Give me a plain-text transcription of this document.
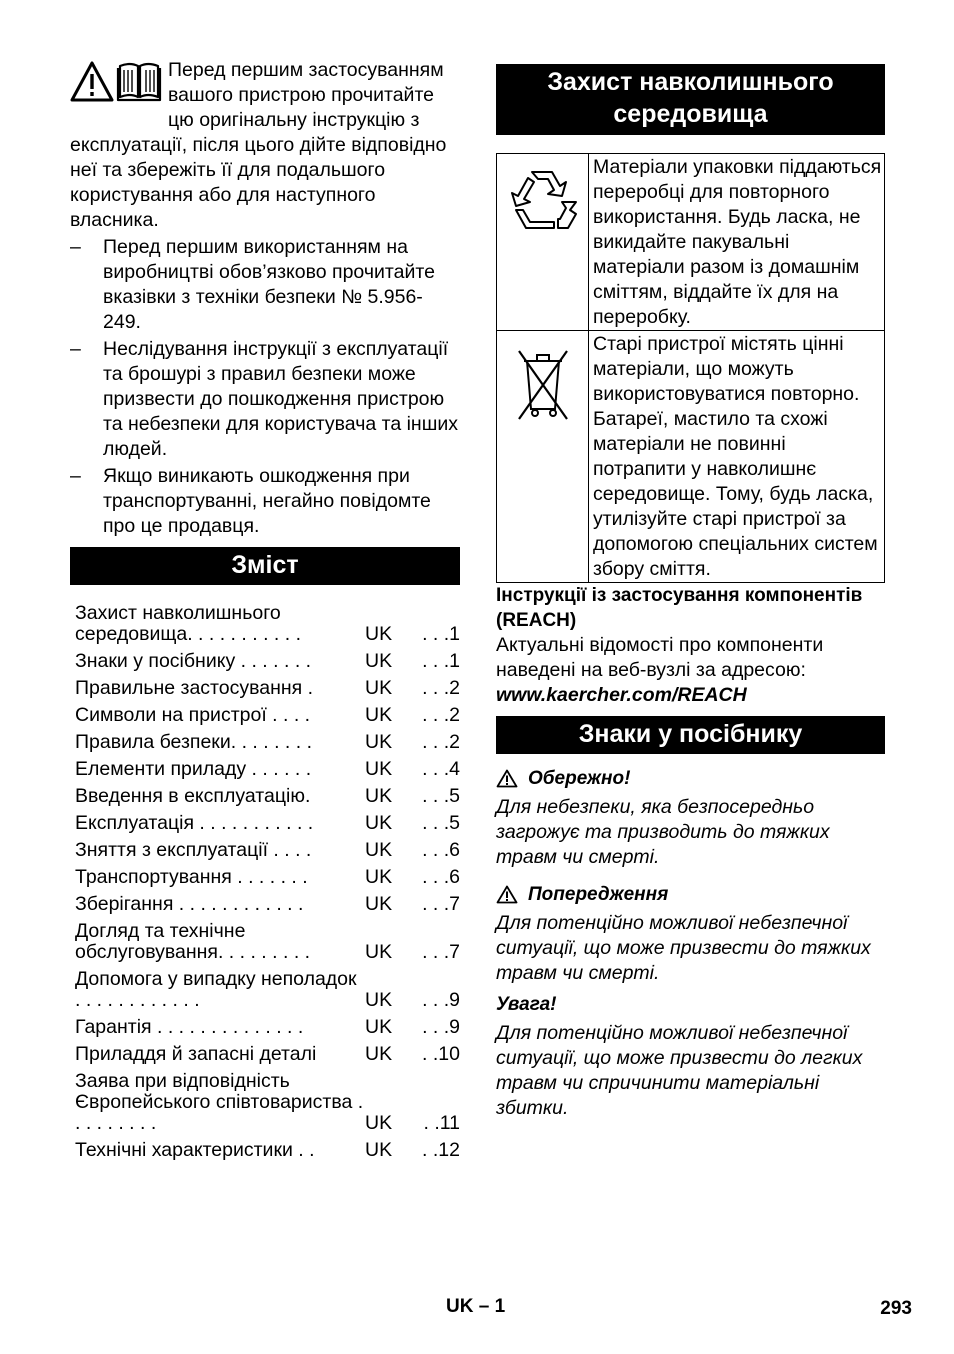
Перед першим застосуванням вашого пристрою прочитайте цю оригінальну інструкцію з експлуатації, після цього дійте відповідно неї та збережіть її для подальшого користування або для наступного власника.

– Перед першим використанням на виробництві обов’язково прочитайте вказівки з техніки безпеки № 5.956-249.
– Неслідування інструкції з експлуатації та брошурі з правил безпеки може призвести до пошкодження пристрою та небезпеки для користувача та інших людей.
– Якщо виникають ошкодження при транспортуванні, негайно повідомте про це продавця.
Зміст
Захист навколишнього середовища. . . . . . . . . . .	UK	. . .1
Знаки у посібнику . . . . . . .	UK	. . .1
Правильне застосування .	UK	. . .2
Символи на пристрої . . . .	UK	. . .2
Правила безпеки. . . . . . . .	UK	. . .2
Елементи приладу . . . . . .	UK	. . .4
Введення в експлуатацію.	UK	. . .5
Експлуатація . . . . . . . . . . .	UK	. . .5
Зняття з експлуатації . . . .	UK	. . .6
Транспортування . . . . . . .	UK	. . .6
Зберігання . . . . . . . . . . . .	UK	. . .7
Догляд та технічне обслуговування. . . . . . . . .	UK	. . .7
Допомога у випадку неполадок . . . . . . . . . . . .	UK	. . .9
Гарантія . . . . . . . . . . . . . .	UK	. . .9
Приладдя й запасні деталі	UK	. .10
Заява при відповідність Європейського співтовариства . . . . . . . . .	UK	. .11
Технічні характеристики . .	UK	. .12
Захист навколишнього середовища
	Матеріали упаковки піддаються переробці для повторного використання. Будь ласка, не викидайте пакувальні матеріали разом із домашнім сміттям, віддайте їх для на переробку.
	Старі пристрої містять цінні матеріали, що можуть використовуватися повторно. Батареї, мастило та схожі матеріали не повинні потрапити у навколишнє середовище. Тому, будь ласка, утилізуйте старі пристрої за допомогою спеціальних систем збору сміття.
Інструкції із застосування компонентів (REACH)

Актуальні відомості про компоненти наведені на веб-вузлі за адресою:

www.kaercher.com/REACH

Знаки у посібнику
Обережно!
Для небезпеки, яка безпосередньо загрожує та призводить до тяжких травм чи смерті.
Попередження
Для потенційно можливої небезпечної ситуації, що може призвести до тяжких травм чи смерті.
Увага!
Для потенційно можливої небезпечної ситуації, що може призвести до легких травм чи спричинити матеріальні збитки.
UK – 1	293
